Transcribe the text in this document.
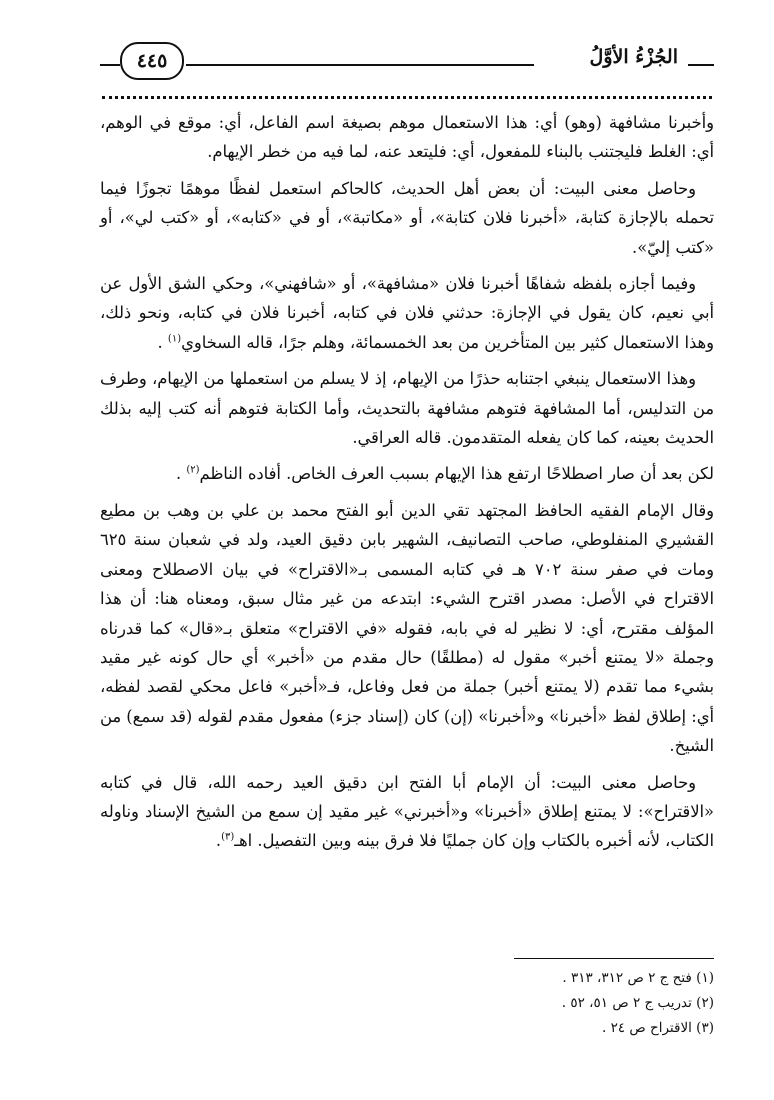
الجُزْءُ الأوَّلُ
٤٤٥

وأخبرنا مشافهة (وهو) أي: هذا الاستعمال موهم بصيغة اسم الفاعل، أي: موقع في الوهم، أي: الغلط فليجتنب بالبناء للمفعول، أي: فليتعد عنه، لما فيه من خطر الإيهام.

وحاصل معنى البيت: أن بعض أهل الحديث، كالحاكم استعمل لفظًا موهمًا تجوزًا فيما تحمله بالإجازة كتابة، «أخبرنا فلان كتابة»، أو «مكاتبة»، أو في «كتابه»، أو «كتب لي»، أو «كتب إليّ».

وفيما أجازه بلفظه شفاهًا أخبرنا فلان «مشافهة»، أو «شافهني»، وحكي الشق الأول عن أبي نعيم، كان يقول في الإجازة: حدثني فلان في كتابه، أخبرنا فلان في كتابه، ونحو ذلك، وهذا الاستعمال كثير بين المتأخرين من بعد الخمسمائة، وهلم جرًا، قاله السخاوي$^{(١)}$ .

وهذا الاستعمال ينبغي اجتنابه حذرًا من الإيهام، إذ لا يسلم من استعملها من الإيهام، وطرف من التدليس، أما المشافهة فتوهم مشافهة بالتحديث، وأما الكتابة فتوهم أنه كتب إليه بذلك الحديث بعينه، كما كان يفعله المتقدمون. قاله العراقي.

لكن بعد أن صار اصطلاحًا ارتفع هذا الإيهام بسبب العرف الخاص. أفاده الناظم$^{(٢)}$ .

وقال الإمام الفقيه الحافظ المجتهد تقي الدين أبو الفتح محمد بن علي بن وهب بن مطيع القشيري المنفلوطي، صاحب التصانيف، الشهير بابن دقيق العيد، ولد في شعبان سنة ٦٢٥ ومات في صفر سنة ٧٠٢ هـ في كتابه المسمى بـ«الاقتراح» في بيان الاصطلاح ومعنى الاقتراح في الأصل: مصدر اقترح الشيء: ابتدعه من غير مثال سبق، ومعناه هنا: أن هذا المؤلف مقترح، أي: لا نظير له في بابه، فقوله «في الاقتراح» متعلق بـ«قال» كما قدرناه وجملة «لا يمتنع أخبر» مقول له (مطلقًا) حال مقدم من «أخبر» أي حال كونه غير مقيد بشيء مما تقدم (لا يمتنع أخبر) جملة من فعل وفاعل، فـ«أخبر» فاعل محكي لقصد لفظه، أي: إطلاق لفظ «أخبرنا» و«أخبرنا» (إن) كان (إسناد جزء) مفعول مقدم لقوله (قد سمع) من الشيخ.

وحاصل معنى البيت: أن الإمام أبا الفتح ابن دقيق العيد رحمه الله، قال في كتابه «الاقتراح»: لا يمتنع إطلاق «أخبرنا» و«أخبرني» غير مقيد إن سمع من الشيخ الإسناد وناوله الكتاب، لأنه أخبره بالكتاب وإن كان جمليًا فلا فرق بينه وبين التفصيل. اهـ$^{(٣)}$.

(١) فتح ج ٢ ص ٣١٢، ٣١٣ .
(٢) تدريب ج ٢ ص ٥١، ٥٢ .
(٣) الاقتراح ص ٢٤ .
